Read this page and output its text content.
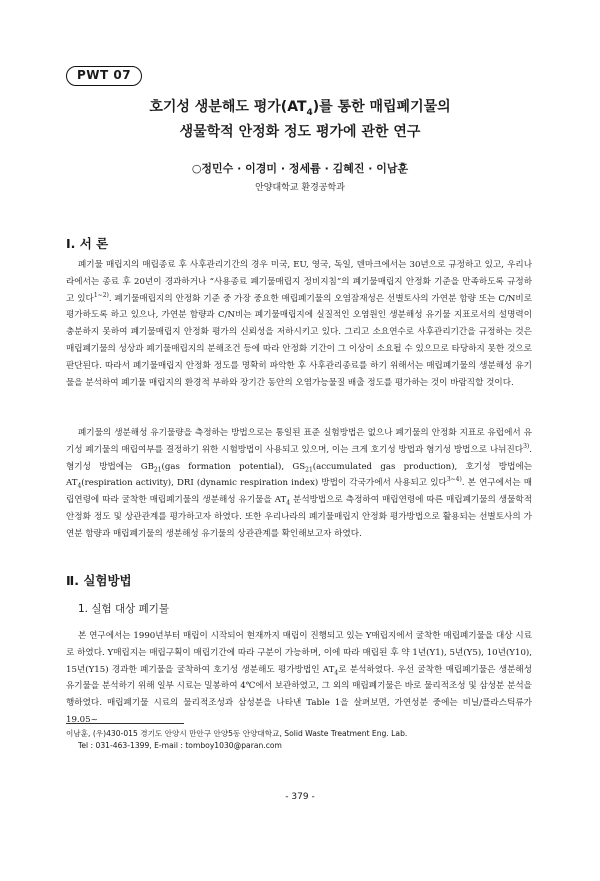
PWT 07
호기성 생분해도 평가$(AT_4)$를 통한 매립폐기물의
생물학적 안정화 정도 평가에 관한 연구
○정민수 · 이경미 · 정세륨 · 김혜진 · 이남훈
안양대학교 환경공학과
Ⅰ. 서 론

폐기물 매립지의 매립종료 후 사후관리기간의 경우 미국, EU, 영국, 독일, 덴마크에서는 30년으로 규정하고 있고, 우리나라에서는 종료 후 20년이 경과하거나 “사용종료 폐기물매립지 정비지침”의 폐기물매립지 안정화 기준을 만족하도록 규정하고 있다$^{1\sim 2)}$. 폐기물매립지의 안정화 기준 중 가장 중요한 매립폐기물의 오염잠재성은 선별토사의 가연분 함량 또는 C/N비로 평가하도록 하고 있으나, 가연분 함량과 C/N비는 폐기물매립지에 실질적인 오염원인 생분해성 유기물 지표로서의 설명력이 충분하지 못하여 폐기물매립지 안정화 평가의 신뢰성을 저하시키고 있다. 그리고 소요연수로 사후관리기간을 규정하는 것은 매립폐기물의 성상과 폐기물매립지의 분해조건 등에 따라 안정화 기간이 그 이상이 소요될 수 있으므로 타당하지 못한 것으로 판단된다. 따라서 폐기물매립지 안정화 정도를 명확히 파악한 후 사후관리종료를 하기 위해서는 매립폐기물의 생분해성 유기물을 분석하여 폐기물 매립지의 환경적 부하와 장기간 동안의 오염가능물질 배출 정도를 평가하는 것이 바람직할 것이다.

폐기물의 생분해성 유기물량을 측정하는 방법으로는 통일된 표준 실험방법은 없으나 폐기물의 안정화 지표로 유럽에서 유기성 폐기물의 매립여부를 결정하기 위한 시험방법이 사용되고 있으며, 이는 크게 호기성 방법과 혐기성 방법으로 나뉘진다$^{3)}$. 혐기성 방법에는 $GB_{21}(gas$ formation potential), $GS_{21}(accumulated$ gas production), 호기성 방법에는 $AT_4(respiration$ activity), DRI (dynamic respiration index) 방법이 각국가에서 사용되고 있다$^{3\sim 4)}$. 본 연구에서는 매립연령에 따라 굴착한 매립폐기물의 생분해성 유기물을 $AT_4$ 분석방법으로 측정하여 매립연령에 따른 매립폐기물의 생물학적 안정화 정도 및 상관관계를 평가하고자 하였다. 또한 우리나라의 폐기물매립지 안정화 평가방법으로 활용되는 선별토사의 가연분 함량과 매립폐기물의 생분해성 유기물의 상관관계를 확인해보고자 하였다.

Ⅱ. 실험방법
1. 실험 대상 폐기물

본 연구에서는 1990년부터 매립이 시작되어 현재까지 매립이 진행되고 있는 Y매립지에서 굴착한 매립폐기물을 대상 시료로 하였다. Y매립지는 매립구획이 매립기간에 따라 구분이 가능하며, 이에 따라 매립된 후 약 1년(Y1), 5년(Y5), 10년(Y10), 15년(Y15) 경과한 폐기물을 굴착하여 호기성 생분해도 평가방법인 $AT_4$로 분석하였다. 우선 굴착한 매립폐기물은 생분해성 유기물을 분석하기 위해 일부 시료는 밀봉하여 4℃에서 보관하였고, 그 외의 매립폐기물은 바로 물리적조성 및 삼성분 분석을 행하였다. 매립폐기물 시료의 물리적조성과 삼성분을 나타낸 Table 1을 살펴보면, 가연성분 중에는 비닐/플라스틱류가 19.05~

이남훈, (우)430-015 경기도 안양시 만안구 안양5동 안양대학교, Solid Waste Treatment Eng. Lab.
Tel : 031-463-1399, E-mail : tomboy1030@paran.com
- 379 -
